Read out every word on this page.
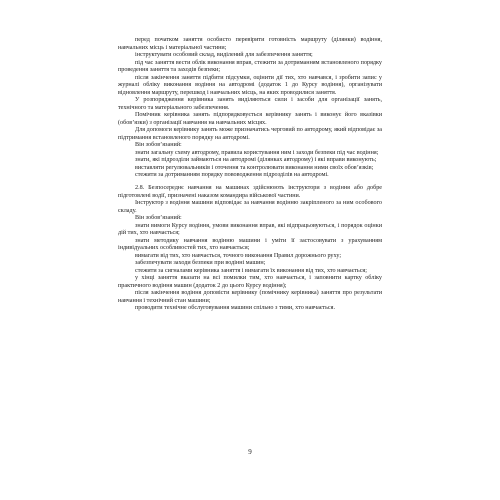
перед початком заняття особисто перевірити готовність маршруту (ділянки) водіння, навчальних місць і матеріальної частини;

інструктувати особовий склад, виділений для забезпечення заняття;

під час заняття вести облік виконання вправ, стежити за дотриманням встановленого порядку проведення заняття та заходів безпеки;

після закінчення заняття підбити підсумки, оцінити дії тих, хто навчався, і зробити запис у журналі обліку виконання водіння на автодромі (додаток 1 до Курсу водіння), організувати відновлення маршруту, перешкод і навчальних місць, на яких проводилися заняття.

У розпорядження керівника занять виділяються сили і засоби для організації занять, технічного та матеріального забезпечення.

Помічник керівника занять підпорядковується керівнику занять і виконує його вказівки (обов’язки) з організації навчання на навчальних місцях.

Для допомоги керівнику занять може призначатись черговий по автодрому, який відповідає за підтримання встановленого порядку на автодромі.

Він зобов’язаний:

знати загальну схему автодрому, правила користування ним і заходи безпеки під час водіння;

знати, які підрозділи займаються на автодромі (ділянках автодрому) і які вправи виконують;

виставляти регулювальників і оточення та контролювати виконання ними своїх обов’язків;

стежити за дотриманням порядку пововодження підрозділів на автодромі.

2.8. Безпосереднє навчання на машинах здійснюють інструктори з водіння або добре підготовлені водії, призначені наказом командира військової частини.

Інструктор з водіння машини відповідає за навчання водінню закріпленого за ним особового складу.

Він зобов’язаний:

знати вимоги Курсу водіння, умови виконання вправ, які відпрацьовуються, і порядок оцінки дій тих, хто навчається;

знати методику навчання водінню машини і уміти її застосовувати з урахуванням індивідуальних особливостей тих, хто навчається;

вимагати від тих, хто навчається, точного виконання Правил дорожнього руху;

забезпечувати заходи безпеки при водінні машин;

стежити за сигналами керівника заняття і вимагати їх виконання від тих, хто навчається;

у хінці заняття вказати на всі помилки тим, хто навчається, і заповнити картку обліку практичного водіння машин (додаток 2 до цього Курсу водіння);

після закінчення водіння доповісти керівнику (помічнику керівника) заняття про результати навчання і технічний стан машини;

проводити технічне обслуговування машини спільно з тими, хто навчається.

9
